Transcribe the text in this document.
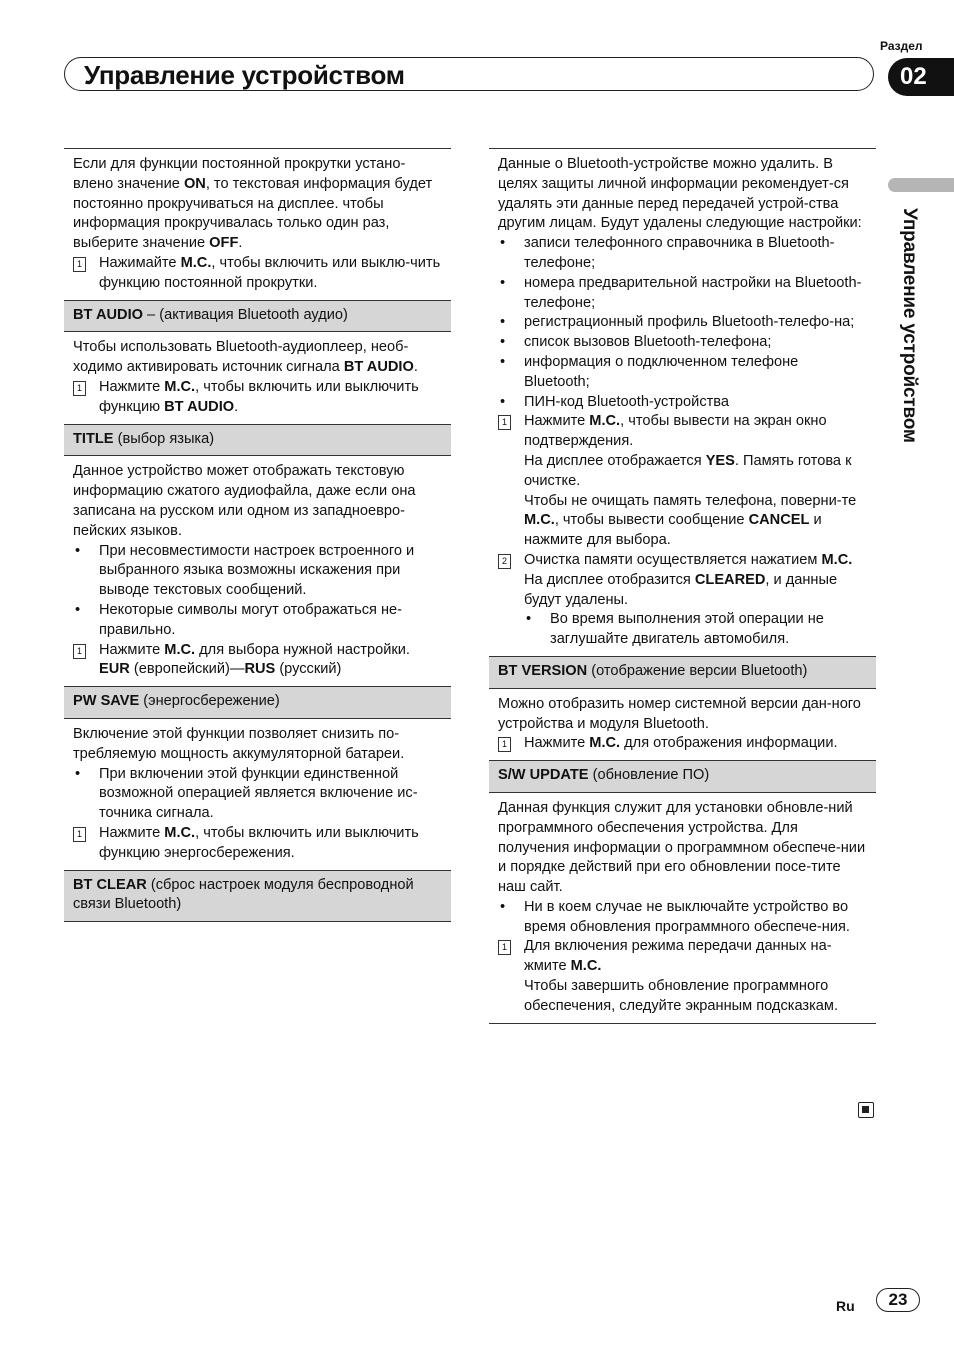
Управление устройством
Раздел
02
Управление устройством
Если для функции постоянной прокрутки устано-влено значение ON, то текстовая информация будет постоянно прокручиваться на дисплее. чтобы информация прокручивалась только один раз, выберите значение OFF.
1 Нажимайте M.C., чтобы включить или выклю-чить функцию постоянной прокрутки.
BT AUDIO – (активация Bluetooth аудио)
Чтобы использовать Bluetooth-аудиоплеер, необ-ходимо активировать источник сигнала BT AUDIO.
1 Нажмите M.C., чтобы включить или выключить функцию BT AUDIO.
TITLE (выбор языка)
Данное устройство может отображать текстовую информацию сжатого аудиофайла, даже если она записана на русском или одном из западноевро-пейских языков.
• При несовместимости настроек встроенного и выбранного языка возможны искажения при выводе текстовых сообщений.
• Некоторые символы могут отображаться не-правильно.
1 Нажмите M.C. для выбора нужной настройки.
EUR (европейский)—RUS (русский)
PW SAVE (энергосбережение)
Включение этой функции позволяет снизить по-требляемую мощность аккумуляторной батареи.
• При включении этой функции единственной возможной операцией является включение ис-точника сигнала.
1 Нажмите M.C., чтобы включить или выключить функцию энергосбережения.
BT CLEAR (сброс настроек модуля беспроводной связи Bluetooth)
Данные о Bluetooth-устройстве можно удалить. В целях защиты личной информации рекомендует-ся удалять эти данные перед передачей устрой-ства другим лицам. Будут удалены следующие настройки:
• записи телефонного справочника в Bluetooth-телефоне;
• номера предварительной настройки на Bluetooth-телефоне;
• регистрационный профиль Bluetooth-телефо-на;
• список вызовов Bluetooth-телефона;
• информация о подключенном телефоне Bluetooth;
• ПИН-код Bluetooth-устройства
1 Нажмите M.C., чтобы вывести на экран окно подтверждения.
На дисплее отображается YES. Память готова к очистке.
Чтобы не очищать память телефона, поверни-те M.C., чтобы вывести сообщение CANCEL и нажмите для выбора.
2 Очистка памяти осуществляется нажатием M.C.
На дисплее отобразится CLEARED, и данные будут удалены.
• Во время выполнения этой операции не заглушайте двигатель автомобиля.
BT VERSION (отображение версии Bluetooth)
Можно отобразить номер системной версии дан-ного устройства и модуля Bluetooth.
1 Нажмите M.C. для отображения информации.
S/W UPDATE (обновление ПО)
Данная функция служит для установки обновле-ний программного обеспечения устройства. Для получения информации о программном обеспече-нии и порядке действий при его обновлении посе-тите наш сайт.
• Ни в коем случае не выключайте устройство во время обновления программного обеспече-ния.
1 Для включения режима передачи данных на-жмите M.C.
Чтобы завершить обновление программного обеспечения, следуйте экранным подсказкам.
Ru	23
